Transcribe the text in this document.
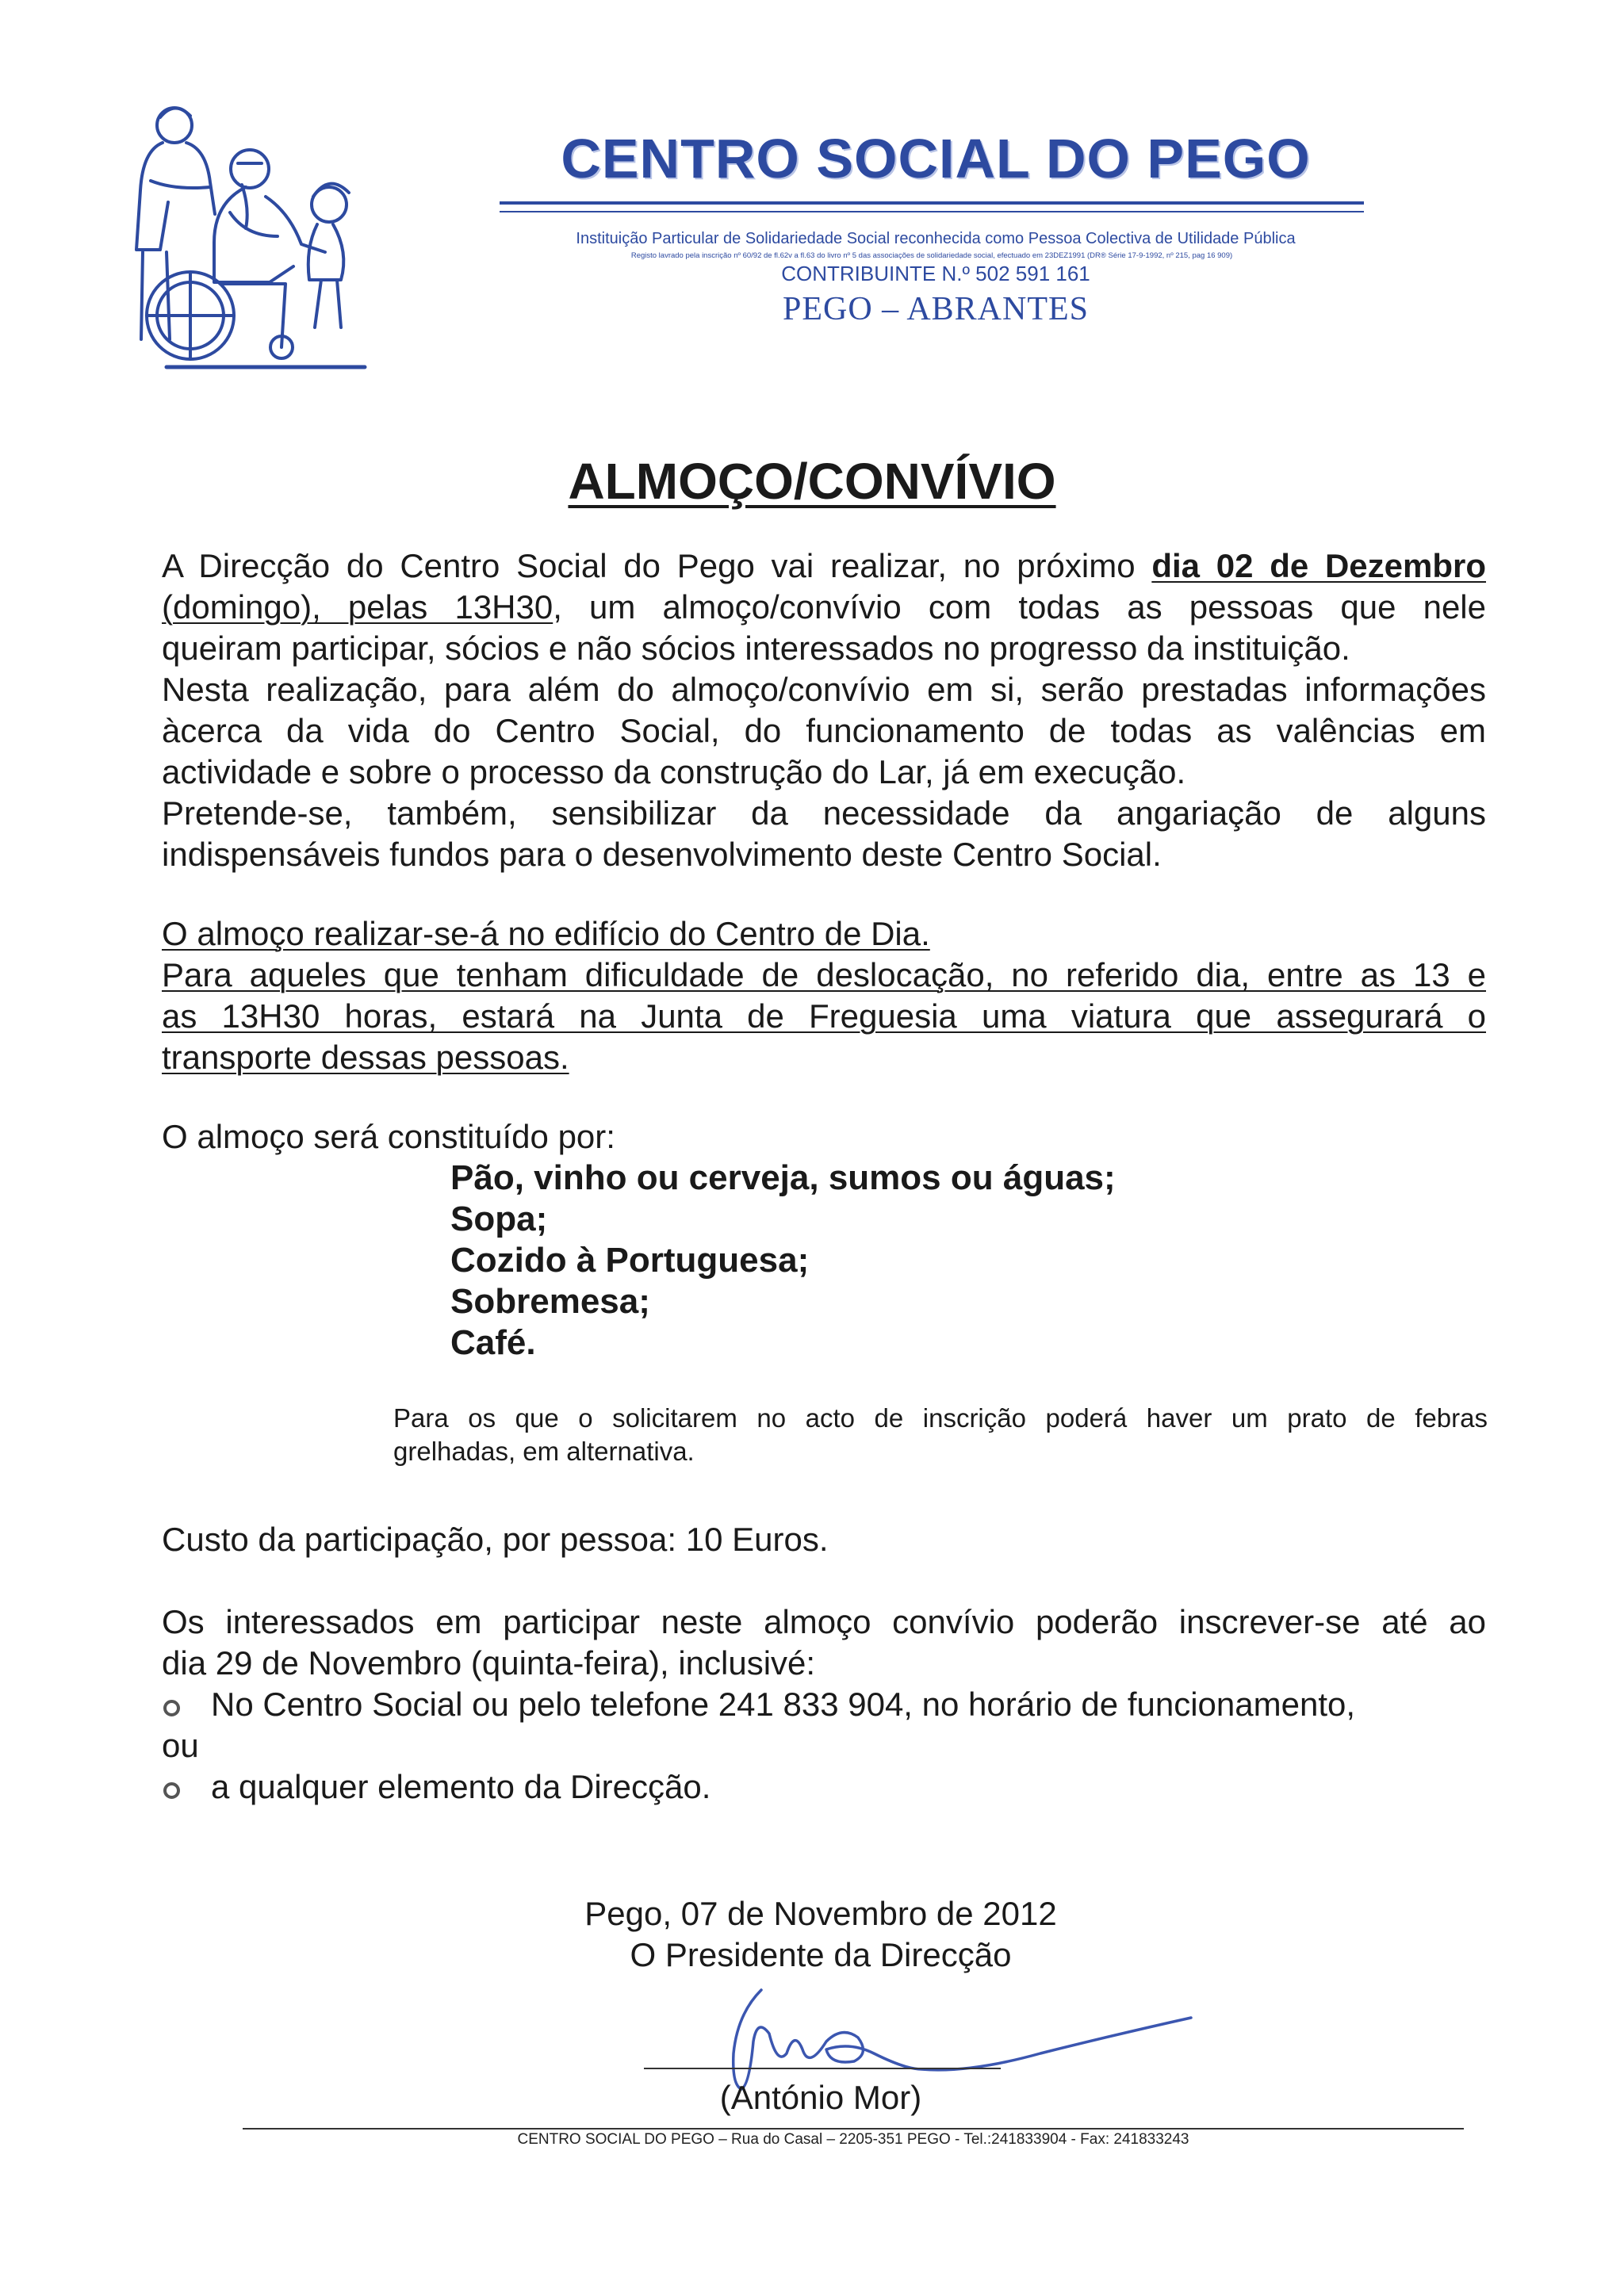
CENTRO SOCIAL DO PEGO
Instituição Particular de Solidariedade Social reconhecida como Pessoa Colectiva de Utilidade Pública
Registo lavrado pela inscrição nº 60/92 de fl.62v a fl.63 do livro nº 5 das associações de solidariedade social, efectuado em 23DEZ1991 (DR® Série 17-9-1992, nº 215, pag 16 909)
CONTRIBUINTE N.º 502 591 161
PEGO – ABRANTES
ALMOÇO/CONVÍVIO
A Direcção do Centro Social do Pego vai realizar, no próximo dia 02 de Dezembro
(domingo), pelas 13H30, um almoço/convívio com todas as pessoas que nele
queiram participar, sócios e não sócios interessados no progresso da instituição.
Nesta realização, para além do almoço/convívio em si, serão prestadas informações
àcerca da vida do Centro Social, do funcionamento de todas as valências em
actividade e sobre o processo da construção do Lar, já em execução.
Pretende-se, também, sensibilizar da necessidade da angariação de alguns
indispensáveis fundos para o desenvolvimento deste Centro Social.
O almoço realizar-se-á no edifício do Centro de Dia.
Para aqueles que tenham dificuldade de deslocação, no referido dia, entre as 13 e
as 13H30 horas, estará na Junta de Freguesia uma viatura que assegurará o
transporte dessas pessoas.
O almoço será constituído por:
Pão, vinho ou cerveja, sumos ou águas;
Sopa;
Cozido à Portuguesa;
Sobremesa;
Café.
Para os que o solicitarem no acto de inscrição poderá haver um prato de febras
grelhadas, em alternativa.
Custo da participação, por pessoa: 10 Euros.
Os interessados em participar neste almoço convívio poderão inscrever-se até ao
dia 29 de Novembro (quinta-feira), inclusivé:
No Centro Social ou pelo telefone 241 833 904, no horário de funcionamento,
ou
a qualquer elemento da Direcção.
Pego, 07 de Novembro de 2012
O Presidente da Direcção
(António Mor)
CENTRO SOCIAL DO PEGO – Rua do Casal – 2205-351 PEGO - Tel.:241833904 - Fax: 241833243
